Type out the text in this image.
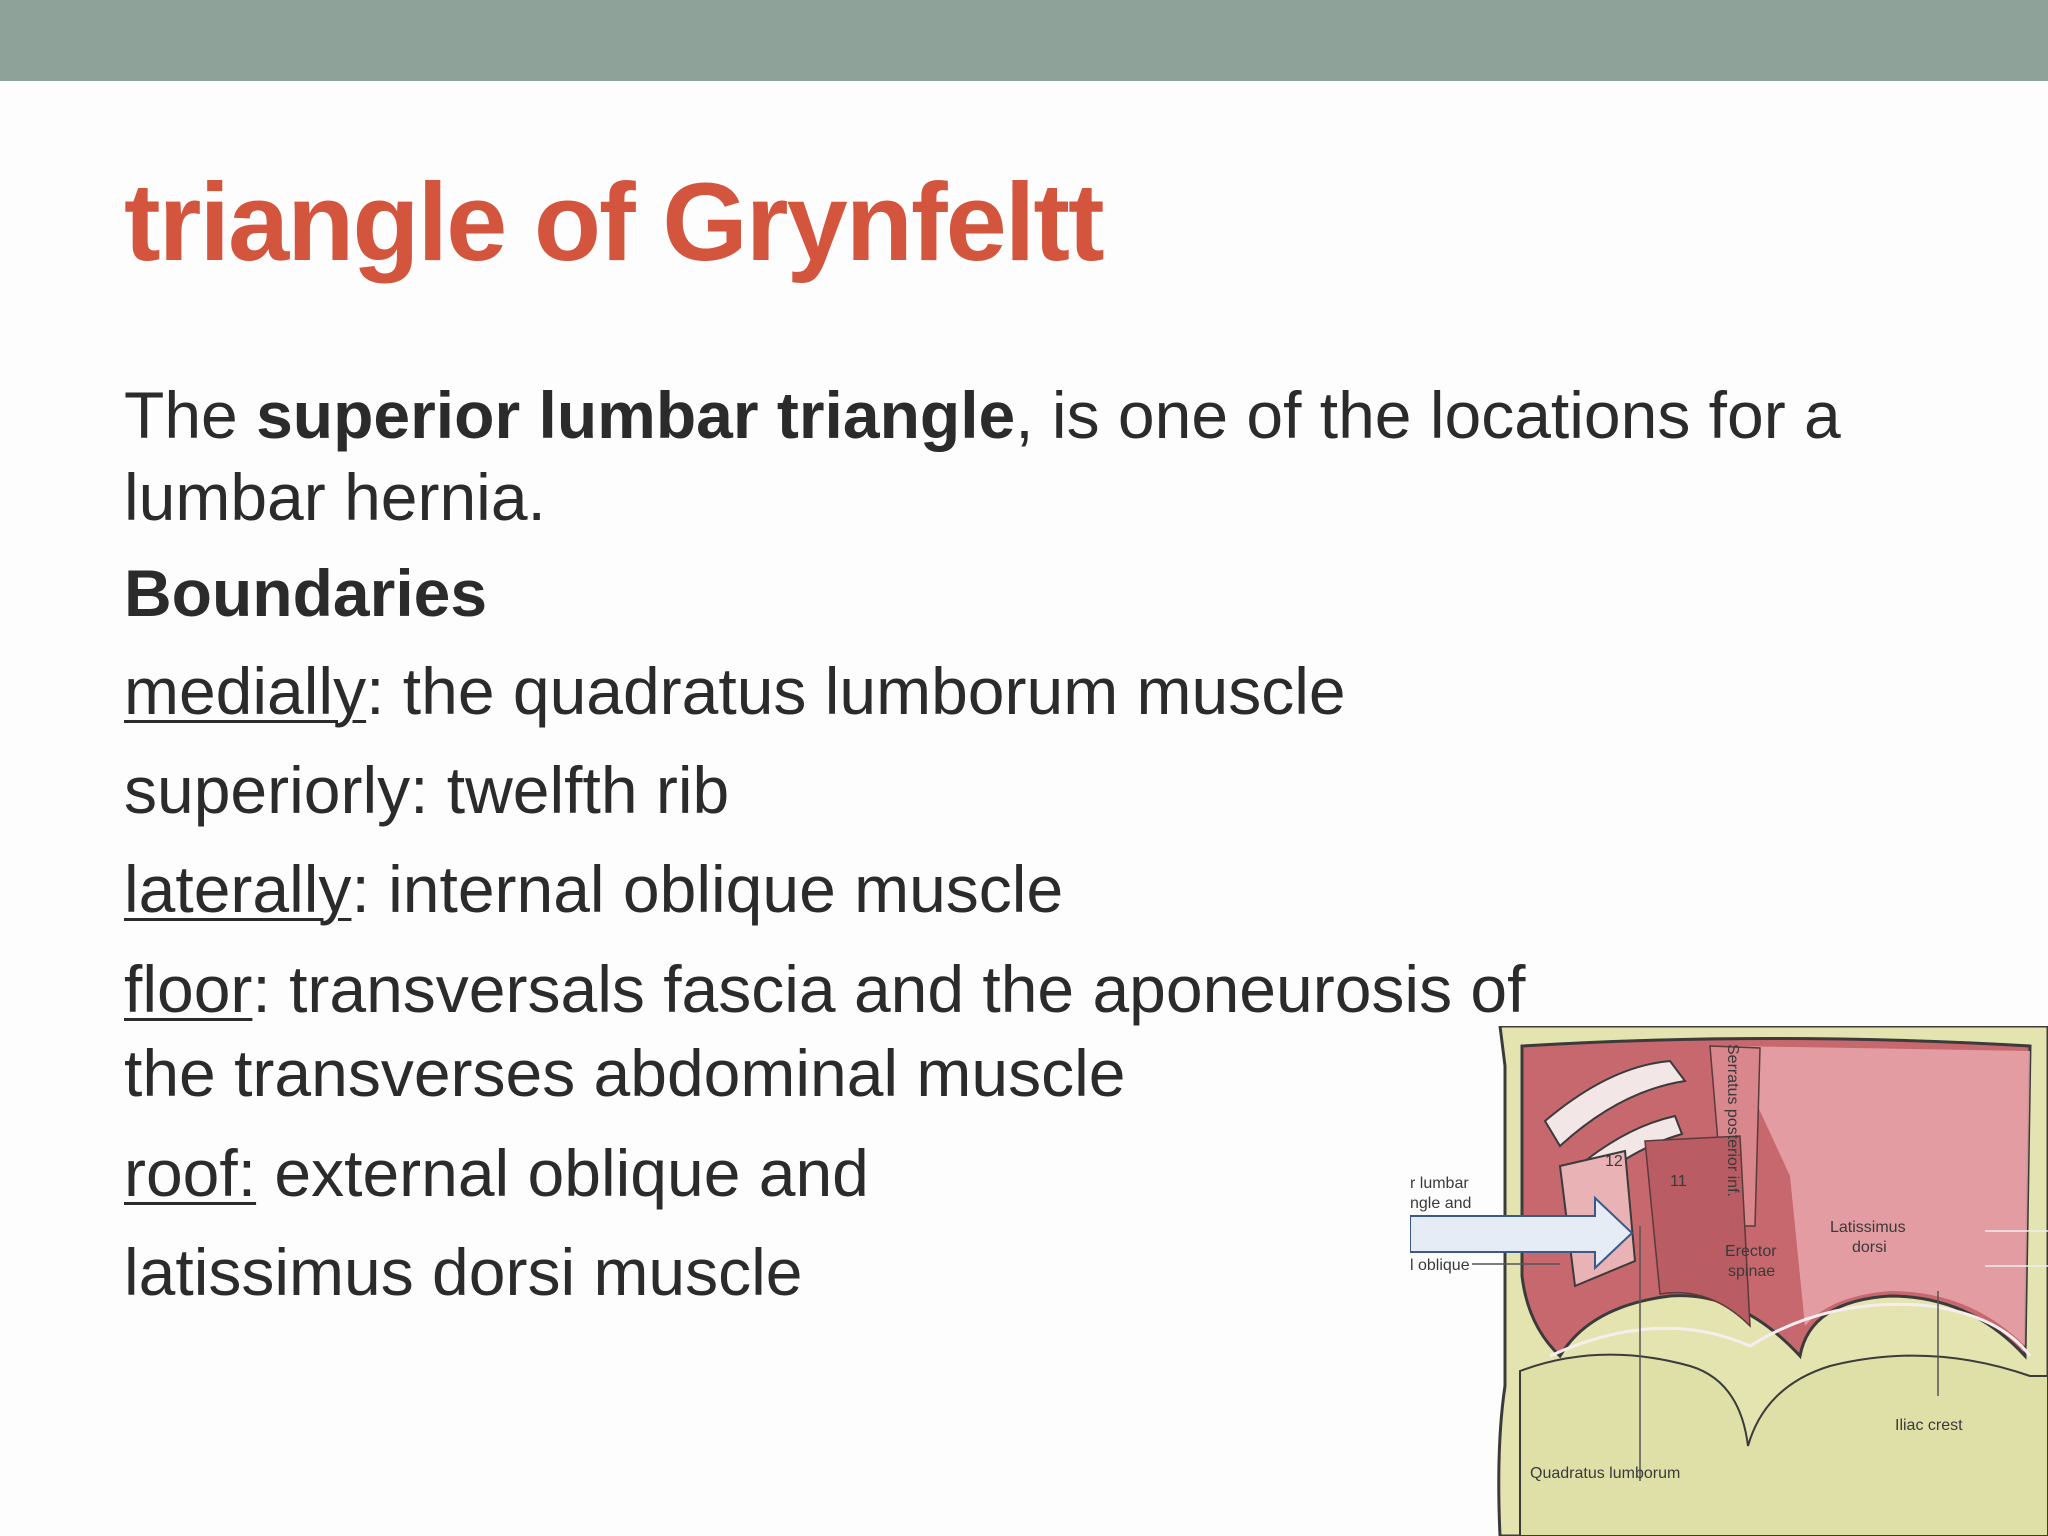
triangle of Grynfeltt

The superior lumbar triangle, is one of the locations for a lumbar hernia.

Boundaries

medially: the quadratus lumborum muscle

superiorly: twelfth rib

laterally: internal oblique muscle

floor: transversals fascia and the aponeurosis of the transverses abdominal muscle

roof: external oblique and

latissimus dorsi muscle

r lumbar
ngle and
l oblique
Erector
spinae
Latissimus
dorsi
Iliac crest
Quadratus lumborum
11
12	Serratus posterior inf.
